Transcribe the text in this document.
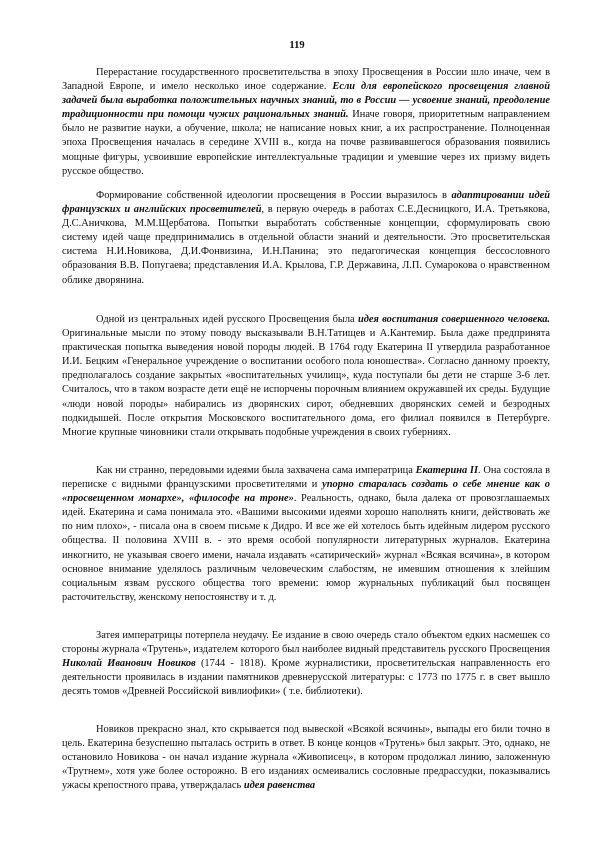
119

Перерастание государственного просветительства в эпоху Просвещения в России шло иначе, чем в Западной Европе, и имело несколько иное содержание. Если для европейского просвещения главной задачей была выработка положительных научных знаний, то в России — усвоение знаний, преодоление традиционности при помощи чужих рациональных знаний. Иначе говоря, приоритетным направлением было не развитие науки, а обучение, школа; не написание новых книг, а их распространение. Полноценная эпоха Просвещения началась в середине XVIII в., когда на почве развивавшегося образования появились мощные фигуры, усвоившие европейские интеллектуальные традиции и умевшие через их призму видеть русское общество.

Формирование собственной идеологии просвещения в России выразилось в адаптировании идей французских и английских просветителей, в первую очередь в работах С.Е.Десницкого, И.А. Третьякова, Д.С.Аничкова, М.М.Щербатова. Попытки выработать собственные концепции, сформулировать свою систему идей чаще предпринимались в отдельной области знаний и деятельности. Это просветительская система Н.И.Новикова, Д.И.Фонвизина, И.Н.Панина; это педагогическая концепция бессословного образования В.В. Попугаева; представления И.А. Крылова, Г.Р. Державина, Л.П. Сумарокова о нравственном облике дворянина.

Одной из центральных идей русского Просвещения была идея воспитания совершенного человека. Оригинальные мысли по этому поводу высказывали В.Н.Татищев и А.Кантемир. Была даже предпринята практическая попытка выведения новой породы людей. В 1764 году Екатерина II утвердила разработанное И.И. Бецким «Генеральное учреждение о воспитании особого пола юношества». Согласно данному проекту, предполагалось создание закрытых «воспитательных училищ», куда поступали бы дети не старше 3-6 лет. Считалось, что в таком возрасте дети ещё не испорчены порочным влиянием окружавшей их среды. Будущие «люди новой породы» набирались из дворянских сирот, обедневших дворянских семей и безродных подкидышей. После открытия Московского воспитательного дома, его филиал появился в Петербурге. Многие крупные чиновники стали открывать подобные учреждения в своих губерниях.

Как ни странно, передовыми идеями была захвачена сама императрица Екатерина II. Она состояла в переписке с видными французскими просветителями и упорно старалась создать о себе мнение как о «просвещенном монархе», «философе на троне». Реальность, однако, была далека от провозглашаемых идей. Екатерина и сама понимала это. «Вашими высокими идеями хорошо наполнять книги, действовать же по ним плохо», - писала она в своем письме к Дидро. И все же ей хотелось быть идейным лидером русского общества. II половина XVIII в. - это время особой популярности литературных журналов. Екатерина инкогнито, не указывая своего имени, начала издавать «сатирический» журнал «Всякая всячина», в котором основное внимание уделялось различным человеческим слабостям, не имевшим отношения к злейшим социальным язвам русского общества того времени: юмор журнальных публикаций был посвящен расточительству, женскому непостоянству и т. д.

Затея императрицы потерпела неудачу. Ее издание в свою очередь стало объектом едких насмешек со стороны журнала «Трутень», издателем которого был наиболее видный представитель русского Просвещения Николай Иванович Новиков (1744 - 1818). Кроме журналистики, просветительская направленность его деятельности проявилась в издании памятников древнерусской литературы: с 1773 по 1775 г. в свет вышло десять томов «Древней Российской вивлиофики» ( т.е. библиотеки).

Новиков прекрасно знал, кто скрывается под вывеской «Всякой всячины», выпады его били точно в цель. Екатерина безуспешно пыталась острить в ответ. В конце концов «Трутень» был закрыт. Это, однако, не остановило Новикова - он начал издание журнала «Живописец», в котором продолжал линию, заложенную «Трутнем», хотя уже более осторожно. В его изданиях осмеивались сословные предрассудки, показывались ужасы крепостного права, утверждалась идея равенства
